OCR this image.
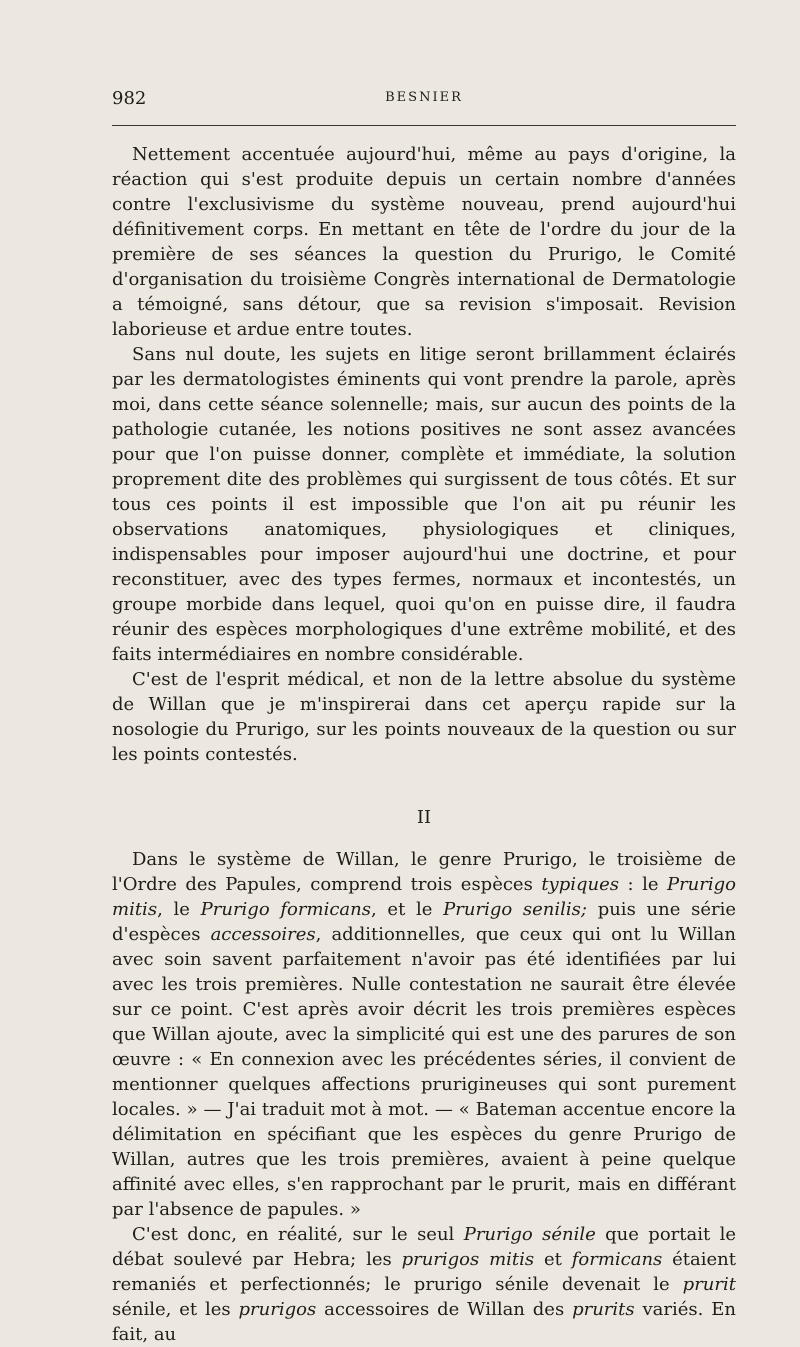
982	BESNIER

Nettement accentuée aujourd'hui, même au pays d'origine, la réaction qui s'est produite depuis un certain nombre d'années contre l'exclusivisme du système nouveau, prend aujourd'hui définitivement corps. En mettant en tête de l'ordre du jour de la première de ses séances la question du Prurigo, le Comité d'organisation du troisième Congrès international de Dermatologie a témoigné, sans détour, que sa revision s'imposait. Revision laborieuse et ardue entre toutes.

Sans nul doute, les sujets en litige seront brillamment éclairés par les dermatologistes éminents qui vont prendre la parole, après moi, dans cette séance solennelle; mais, sur aucun des points de la pathologie cutanée, les notions positives ne sont assez avancées pour que l'on puisse donner, complète et immédiate, la solution proprement dite des problèmes qui surgissent de tous côtés. Et sur tous ces points il est impossible que l'on ait pu réunir les observations anatomiques, physiologiques et cliniques, indispensables pour imposer aujourd'hui une doctrine, et pour reconstituer, avec des types fermes, normaux et incontestés, un groupe morbide dans lequel, quoi qu'on en puisse dire, il faudra réunir des espèces morphologiques d'une extrême mobilité, et des faits intermédiaires en nombre considérable.

C'est de l'esprit médical, et non de la lettre absolue du système de Willan que je m'inspirerai dans cet aperçu rapide sur la nosologie du Prurigo, sur les points nouveaux de la question ou sur les points contestés.

II

Dans le système de Willan, le genre Prurigo, le troisième de l'Ordre des Papules, comprend trois espèces typiques : le Prurigo mitis, le Prurigo formicans, et le Prurigo senilis; puis une série d'espèces accessoires, additionnelles, que ceux qui ont lu Willan avec soin savent parfaitement n'avoir pas été identifiées par lui avec les trois premières. Nulle contestation ne saurait être élevée sur ce point. C'est après avoir décrit les trois premières espèces que Willan ajoute, avec la simplicité qui est une des parures de son œuvre : « En connexion avec les précédentes séries, il convient de mentionner quelques affections prurigineuses qui sont purement locales. » — J'ai traduit mot à mot. — « Bateman accentue encore la délimitation en spécifiant que les espèces du genre Prurigo de Willan, autres que les trois premières, avaient à peine quelque affinité avec elles, s'en rapprochant par le prurit, mais en différant par l'absence de papules. »

C'est donc, en réalité, sur le seul Prurigo sénile que portait le débat soulevé par Hebra; les prurigos mitis et formicans étaient remaniés et perfectionnés; le prurigo sénile devenait le prurit sénile, et les prurigos accessoires de Willan des prurits variés. En fait, au
